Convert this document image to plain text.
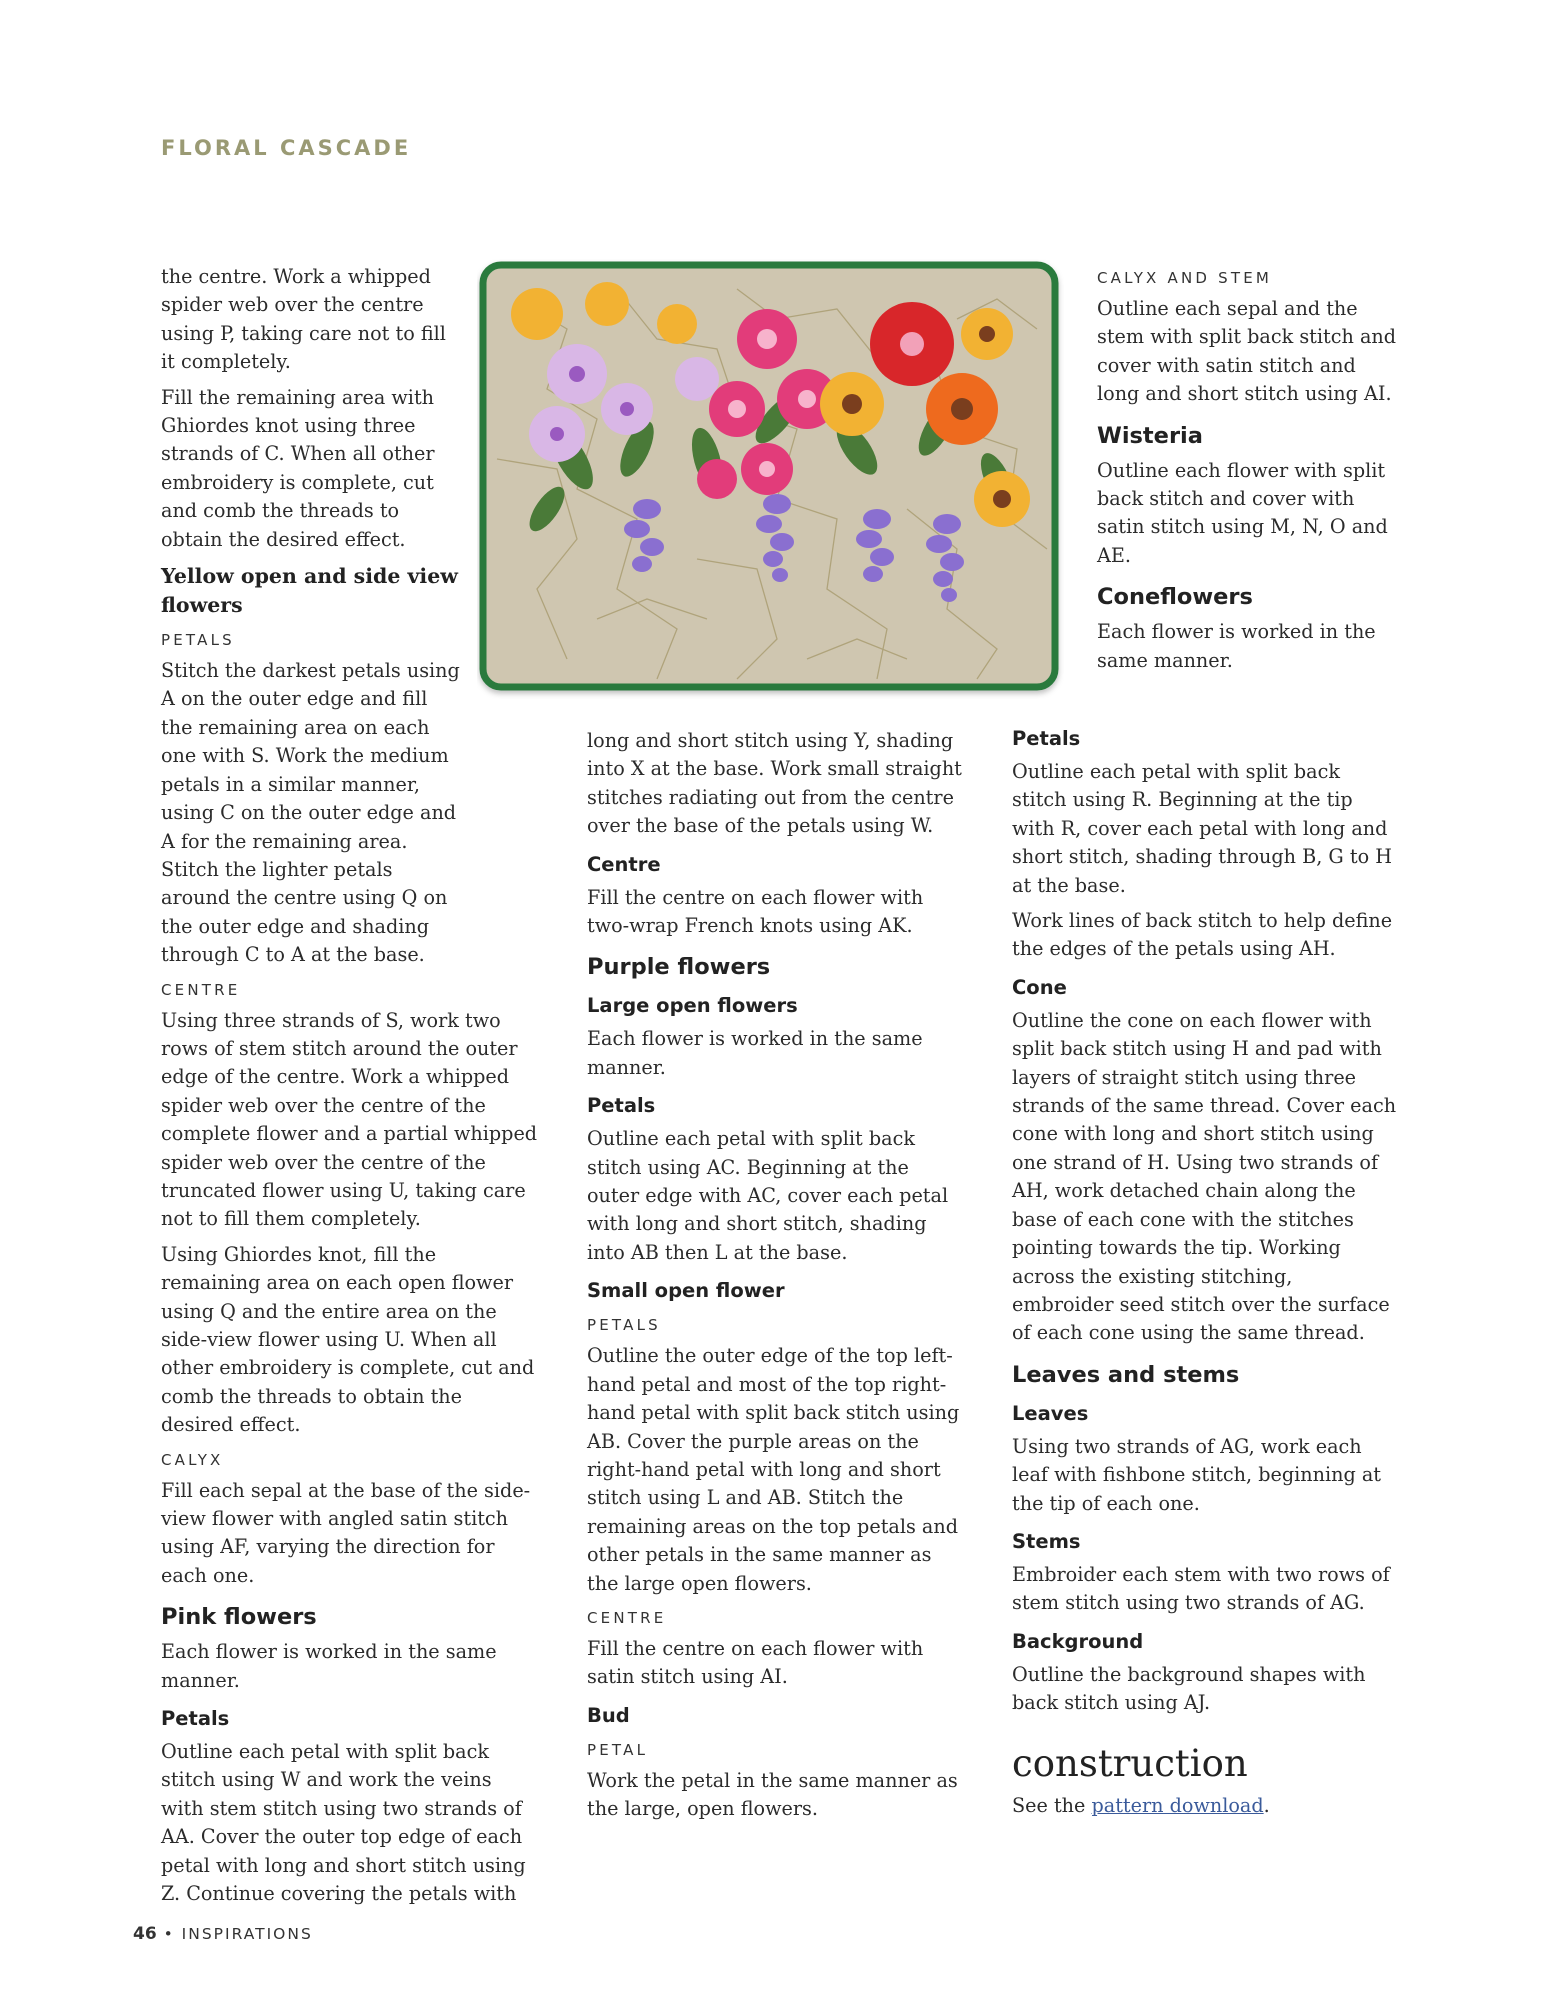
FLORAL CASCADE

the centre. Work a whipped spider web over the centre using P, taking care not to fill it completely.

Fill the remaining area with Ghiordes knot using three strands of C. When all other embroidery is complete, cut and comb the threads to obtain the desired effect.

Yellow open and side view flowers
PETALS

Stitch the darkest petals using A on the outer edge and fill the remaining area on each one with S. Work the medium petals in a similar manner, using C on the outer edge and A for the remaining area. Stitch the lighter petals around the centre using Q on the outer edge and shading through C to A at the base.

CENTRE

Using three strands of S, work two rows of stem stitch around the outer edge of the centre. Work a whipped spider web over the centre of the complete flower and a partial whipped spider web over the centre of the truncated flower using U, taking care not to fill them completely.

Using Ghiordes knot, fill the remaining area on each open flower using Q and the entire area on the side-view flower using U. When all other embroidery is complete, cut and comb the threads to obtain the desired effect.

CALYX

Fill each sepal at the base of the side-view flower with angled satin stitch using AF, varying the direction for each one.

Pink flowers

Each flower is worked in the same manner.

Petals

Outline each petal with split back stitch using W and work the veins with stem stitch using two strands of AA. Cover the outer top edge of each petal with long and short stitch using Z. Continue covering the petals with

long and short stitch using Y, shading into X at the base. Work small straight stitches radiating out from the centre over the base of the petals using W.

Centre

Fill the centre on each flower with two-wrap French knots using AK.

Purple flowers
Large open flowers

Each flower is worked in the same manner.

Petals

Outline each petal with split back stitch using AC. Beginning at the outer edge with AC, cover each petal with long and short stitch, shading into AB then L at the base.

Small open flower
PETALS

Outline the outer edge of the top left-hand petal and most of the top right-hand petal with split back stitch using AB. Cover the purple areas on the right-hand petal with long and short stitch using L and AB. Stitch the remaining areas on the top petals and other petals in the same manner as the large open flowers.

CENTRE

Fill the centre on each flower with satin stitch using AI.

Bud
PETAL

Work the petal in the same manner as the large, open flowers.

CALYX AND STEM

Outline each sepal and the stem with split back stitch and cover with satin stitch and long and short stitch using AI.

Wisteria

Outline each flower with split back stitch and cover with satin stitch using M, N, O and AE.

Coneflowers

Each flower is worked in the same manner.

Petals

Outline each petal with split back stitch using R. Beginning at the tip with R, cover each petal with long and short stitch, shading through B, G to H at the base.

Work lines of back stitch to help define the edges of the petals using AH.

Cone

Outline the cone on each flower with split back stitch using H and pad with layers of straight stitch using three strands of the same thread. Cover each cone with long and short stitch using one strand of H. Using two strands of AH, work detached chain along the base of each cone with the stitches pointing towards the tip. Working across the existing stitching, embroider seed stitch over the surface of each cone using the same thread.

Leaves and stems
Leaves

Using two strands of AG, work each leaf with fishbone stitch, beginning at the tip of each one.

Stems

Embroider each stem with two rows of stem stitch using two strands of AG.

Background

Outline the background shapes with back stitch using AJ.

construction

See the pattern download.

46 • INSPIRATIONS
